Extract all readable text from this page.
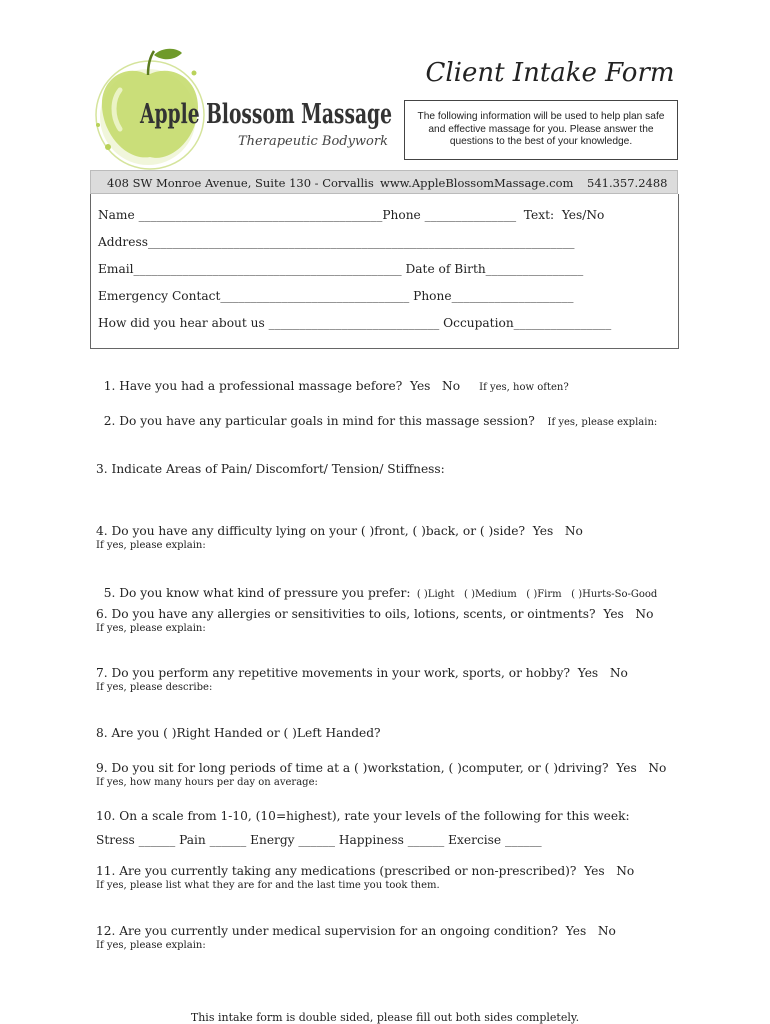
Apple Blossom Massage
Therapeutic Bodywork
Client Intake Form
The following information will be used to help plan safe and effective massage for you. Please answer the questions to the best of your knowledge.
408 SW Monroe Avenue, Suite 130 - Corvallis www.AppleBlossomMassage.com 541.357.2488
Name ________________________________________Phone _______________  Text:  Yes/No
Address______________________________________________________________________
Email____________________________________________ Date of Birth________________
Emergency Contact_______________________________ Phone____________________
How did you hear about us ____________________________ Occupation________________

1. Have you had a professional massage before?  Yes   No If yes, how often?

2. Do you have any particular goals in mind for this massage session? If yes, please explain:

3. Indicate Areas of Pain/ Discomfort/ Tension/ Stiffness:
4. Do you have any difficulty lying on your ( )front, ( )back, or ( )side?  Yes   No
If yes, please explain:

5. Do you know what kind of pressure you prefer:  ( )Light   ( )Medium   ( )Firm   ( )Hurts-So-Good

6. Do you have any allergies or sensitivities to oils, lotions, scents, or ointments?  Yes   No
If yes, please explain:
7. Do you perform any repetitive movements in your work, sports, or hobby?  Yes   No
If yes, please describe:
8. Are you ( )Right Handed or ( )Left Handed?
9. Do you sit for long periods of time at a ( )workstation, ( )computer, or ( )driving?  Yes   No
If yes, how many hours per day on average:
10. On a scale from 1-10, (10=highest), rate your levels of the following for this week:
Stress ______ Pain ______ Energy ______ Happiness ______ Exercise ______
11. Are you currently taking any medications (prescribed or non-prescribed)?  Yes   No
If yes, please list what they are for and the last time you took them.
12. Are you currently under medical supervision for an ongoing condition?  Yes   No
If yes, please explain:
This intake form is double sided, please fill out both sides completely.
